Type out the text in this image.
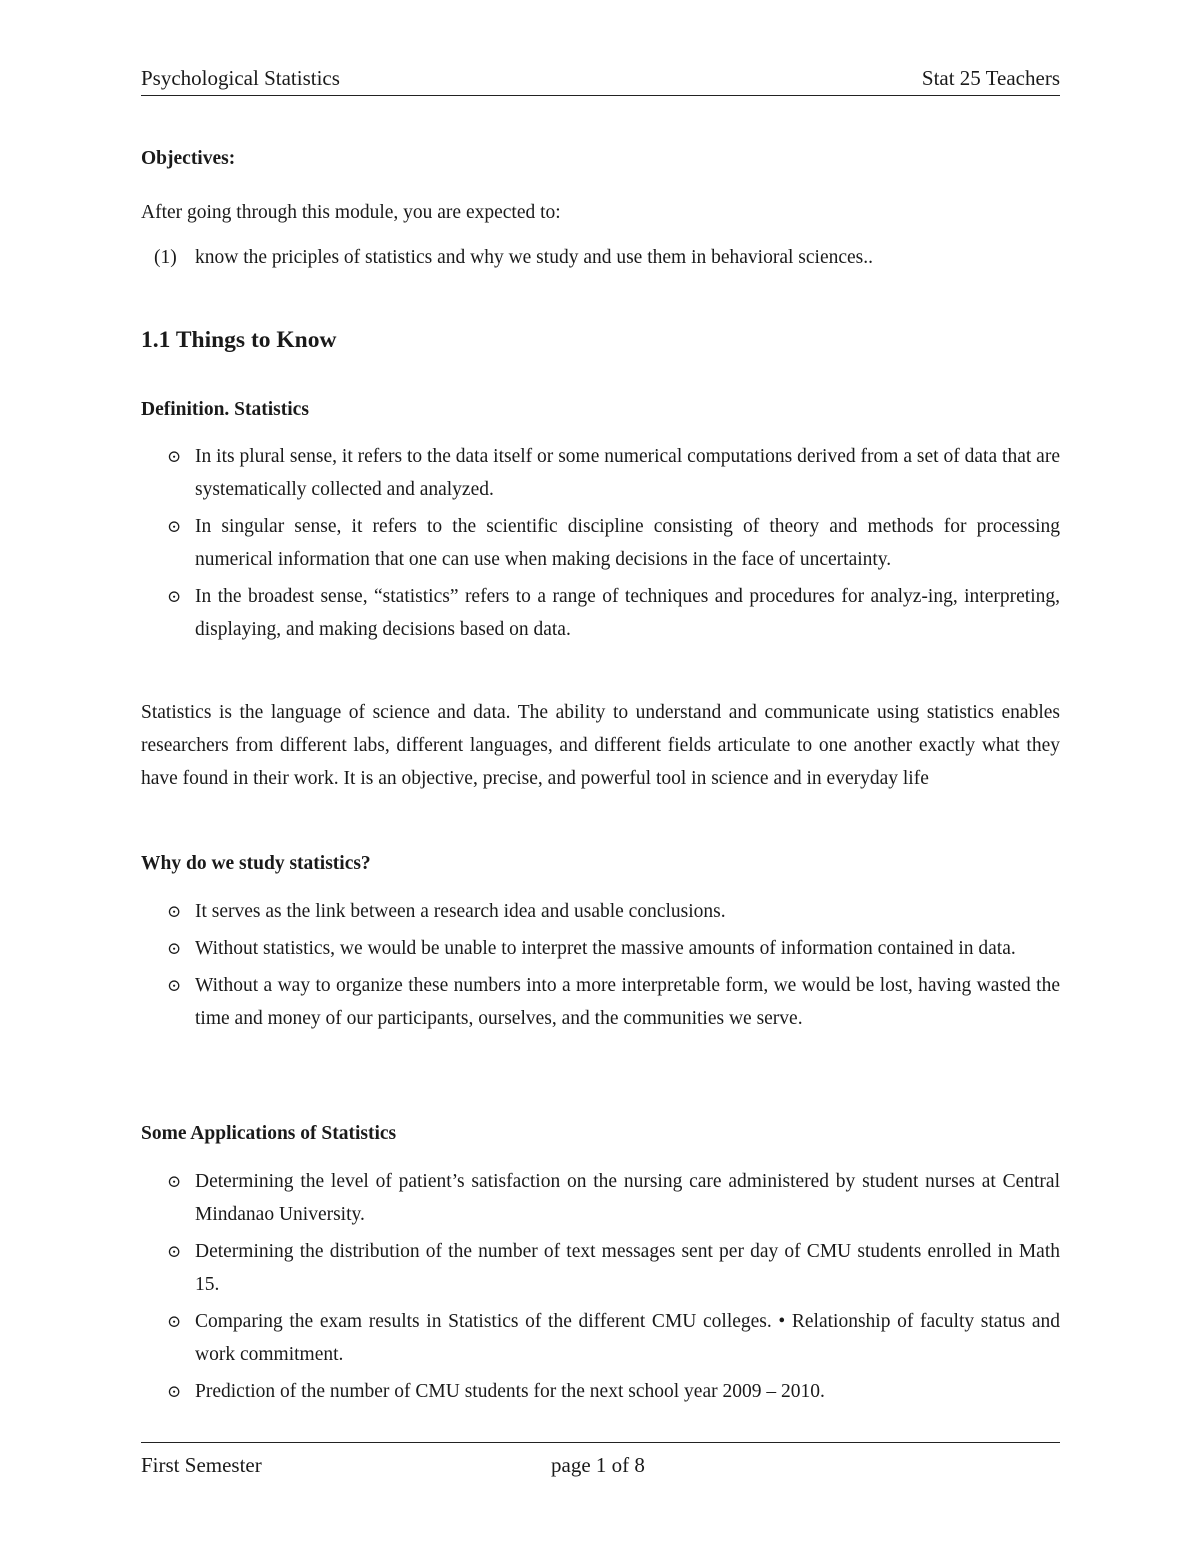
Psychological Statistics	Stat 25 Teachers

Objectives:

After going through this module, you are expected to:

(1) know the priciples of statistics and why we study and use them in behavioral sciences..

1.1 Things to Know

Definition. Statistics

⊙ In its plural sense, it refers to the data itself or some numerical computations derived from a set of data that are systematically collected and analyzed.
⊙ In singular sense, it refers to the scientific discipline consisting of theory and methods for processing numerical information that one can use when making decisions in the face of uncertainty.
⊙ In the broadest sense, “statistics” refers to a range of techniques and procedures for analyz-ing, interpreting, displaying, and making decisions based on data.

Statistics is the language of science and data. The ability to understand and communicate using statistics enables researchers from different labs, different languages, and different fields articulate to one another exactly what they have found in their work. It is an objective, precise, and powerful tool in science and in everyday life

Why do we study statistics?

⊙ It serves as the link between a research idea and usable conclusions.
⊙ Without statistics, we would be unable to interpret the massive amounts of information contained in data.
⊙ Without a way to organize these numbers into a more interpretable form, we would be lost, having wasted the time and money of our participants, ourselves, and the communities we serve.

Some Applications of Statistics

⊙ Determining the level of patient’s satisfaction on the nursing care administered by student nurses at Central Mindanao University.
⊙ Determining the distribution of the number of text messages sent per day of CMU students enrolled in Math 15.
⊙ Comparing the exam results in Statistics of the different CMU colleges. • Relationship of faculty status and work commitment.
⊙ Prediction of the number of CMU students for the next school year 2009 – 2010.
First Semester	page 1 of 8
